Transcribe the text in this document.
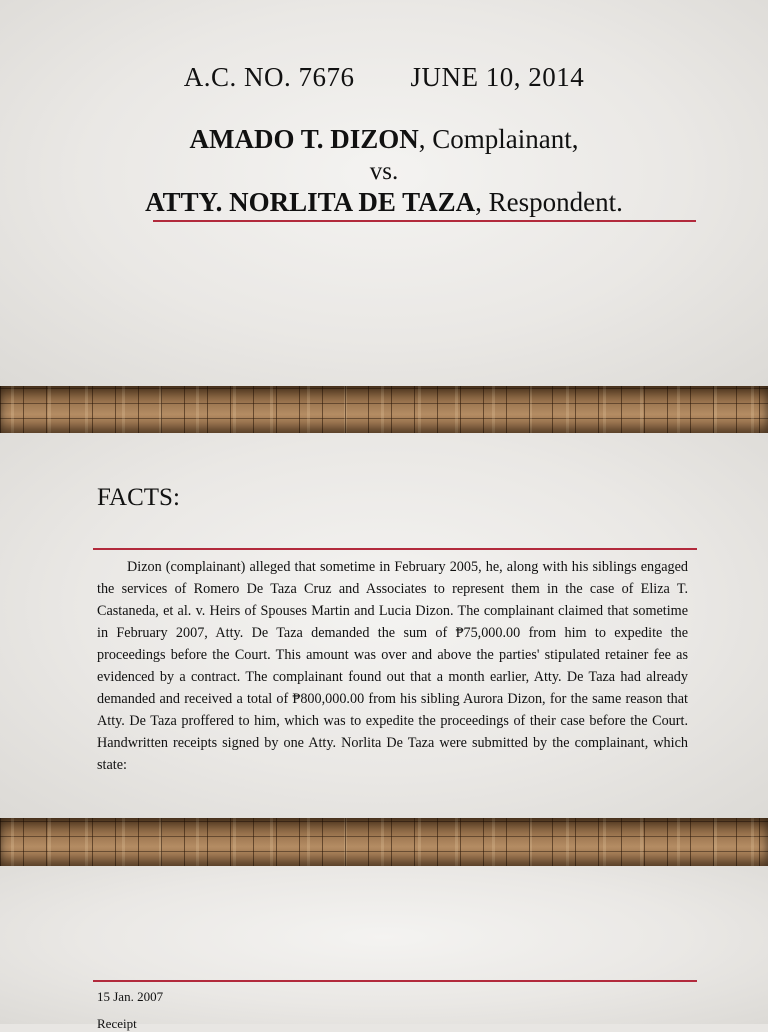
A.C. NO. 7676 JUNE 10, 2014
AMADO T. DIZON, Complainant,
vs.
ATTY. NORLITA DE TAZA, Respondent.
FACTS:
Dizon (complainant) alleged that sometime in February 2005, he, along with his siblings engaged the services of Romero De Taza Cruz and Associates to represent them in the case of Eliza T. Castaneda, et al. v. Heirs of Spouses Martin and Lucia Dizon. The complainant claimed that sometime in February 2007, Atty. De Taza demanded the sum of ₱75,000.00 from him to expedite the proceedings before the Court. This amount was over and above the parties' stipulated retainer fee as evidenced by a contract. The complainant found out that a month earlier, Atty. De Taza had already demanded and received a total of ₱800,000.00 from his sibling Aurora Dizon, for the same reason that Atty. De Taza proffered to him, which was to expedite the proceedings of their case before the Court. Handwritten receipts signed by one Atty. Norlita De Taza were submitted by the complainant, which state:
15 Jan. 2007
Receipt
